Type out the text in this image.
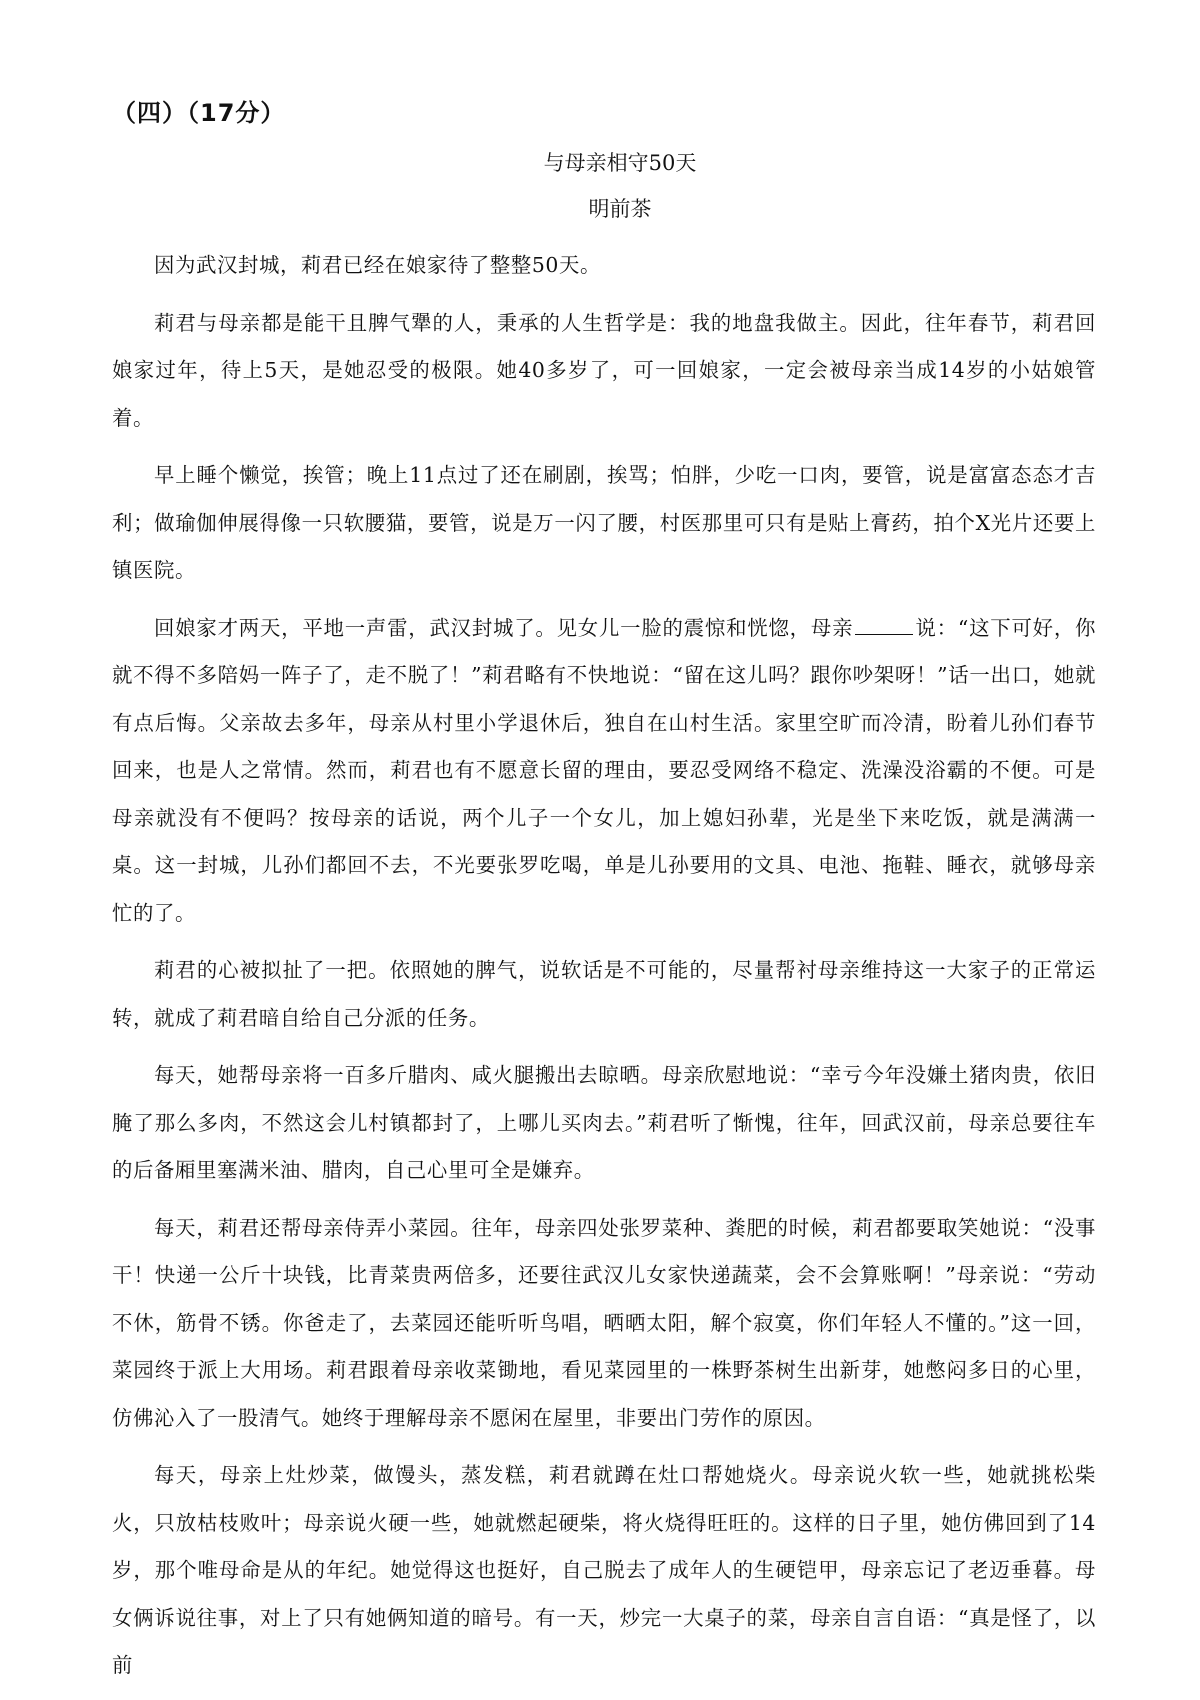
（四）（17分）
与母亲相守50天
明前茶

因为武汉封城，莉君已经在娘家待了整整50天。

莉君与母亲都是能干且脾气犟的人，秉承的人生哲学是：我的地盘我做主。因此，往年春节，莉君回娘家过年，待上5天，是她忍受的极限。她40多岁了，可一回娘家，一定会被母亲当成14岁的小姑娘管着。

早上睡个懒觉，挨管；晚上11点过了还在刷剧，挨骂；怕胖，少吃一口肉，要管，说是富富态态才吉利；做瑜伽伸展得像一只软腰猫，要管，说是万一闪了腰，村医那里可只有是贴上膏药，拍个X光片还要上镇医院。

回娘家才两天，平地一声雷，武汉封城了。见女儿一脸的震惊和恍惚，母亲	说：“这下可好，你就不得不多陪妈一阵子了，走不脱了！”莉君略有不快地说：“留在这儿吗？跟你吵架呀！”话一出口，她就有点后悔。父亲故去多年，母亲从村里小学退休后，独自在山村生活。家里空旷而冷清，盼着儿孙们春节回来，也是人之常情。然而，莉君也有不愿意长留的理由，要忍受网络不稳定、洗澡没浴霸的不便。可是母亲就没有不便吗？按母亲的话说，两个儿子一个女儿，加上媳妇孙辈，光是坐下来吃饭，就是满满一桌。这一封城，儿孙们都回不去，不光要张罗吃喝，单是儿孙要用的文具、电池、拖鞋、睡衣，就够母亲忙的了。

莉君的心被拟扯了一把。依照她的脾气，说软话是不可能的，尽量帮衬母亲维持这一大家子的正常运转，就成了莉君暗自给自己分派的任务。

每天，她帮母亲将一百多斤腊肉、咸火腿搬出去晾晒。母亲欣慰地说：“幸亏今年没嫌土猪肉贵，依旧腌了那么多肉，不然这会儿村镇都封了，上哪儿买肉去。”莉君听了惭愧，往年，回武汉前，母亲总要往车的后备厢里塞满米油、腊肉，自己心里可全是嫌弃。

每天，莉君还帮母亲侍弄小菜园。往年，母亲四处张罗菜种、粪肥的时候，莉君都要取笑她说：“没事干！快递一公斤十块钱，比青菜贵两倍多，还要往武汉儿女家快递蔬菜，会不会算账啊！”母亲说：“劳动不休，筋骨不锈。你爸走了，去菜园还能听听鸟唱，晒晒太阳，解个寂寞，你们年轻人不懂的。”这一回，菜园终于派上大用场。莉君跟着母亲收菜锄地，看见菜园里的一株野茶树生出新芽，她憋闷多日的心里，仿佛沁入了一股清气。她终于理解母亲不愿闲在屋里，非要出门劳作的原因。

每天，母亲上灶炒菜，做馒头，蒸发糕，莉君就蹲在灶口帮她烧火。母亲说火软一些，她就挑松柴火，只放枯枝败叶；母亲说火硬一些，她就燃起硬柴，将火烧得旺旺的。这样的日子里，她仿佛回到了14岁，那个唯母命是从的年纪。她觉得这也挺好，自己脱去了成年人的生硬铠甲，母亲忘记了老迈垂暮。母女俩诉说往事，对上了只有她俩知道的暗号。有一天，炒完一大桌子的菜，母亲自言自语：“真是怪了，以前
